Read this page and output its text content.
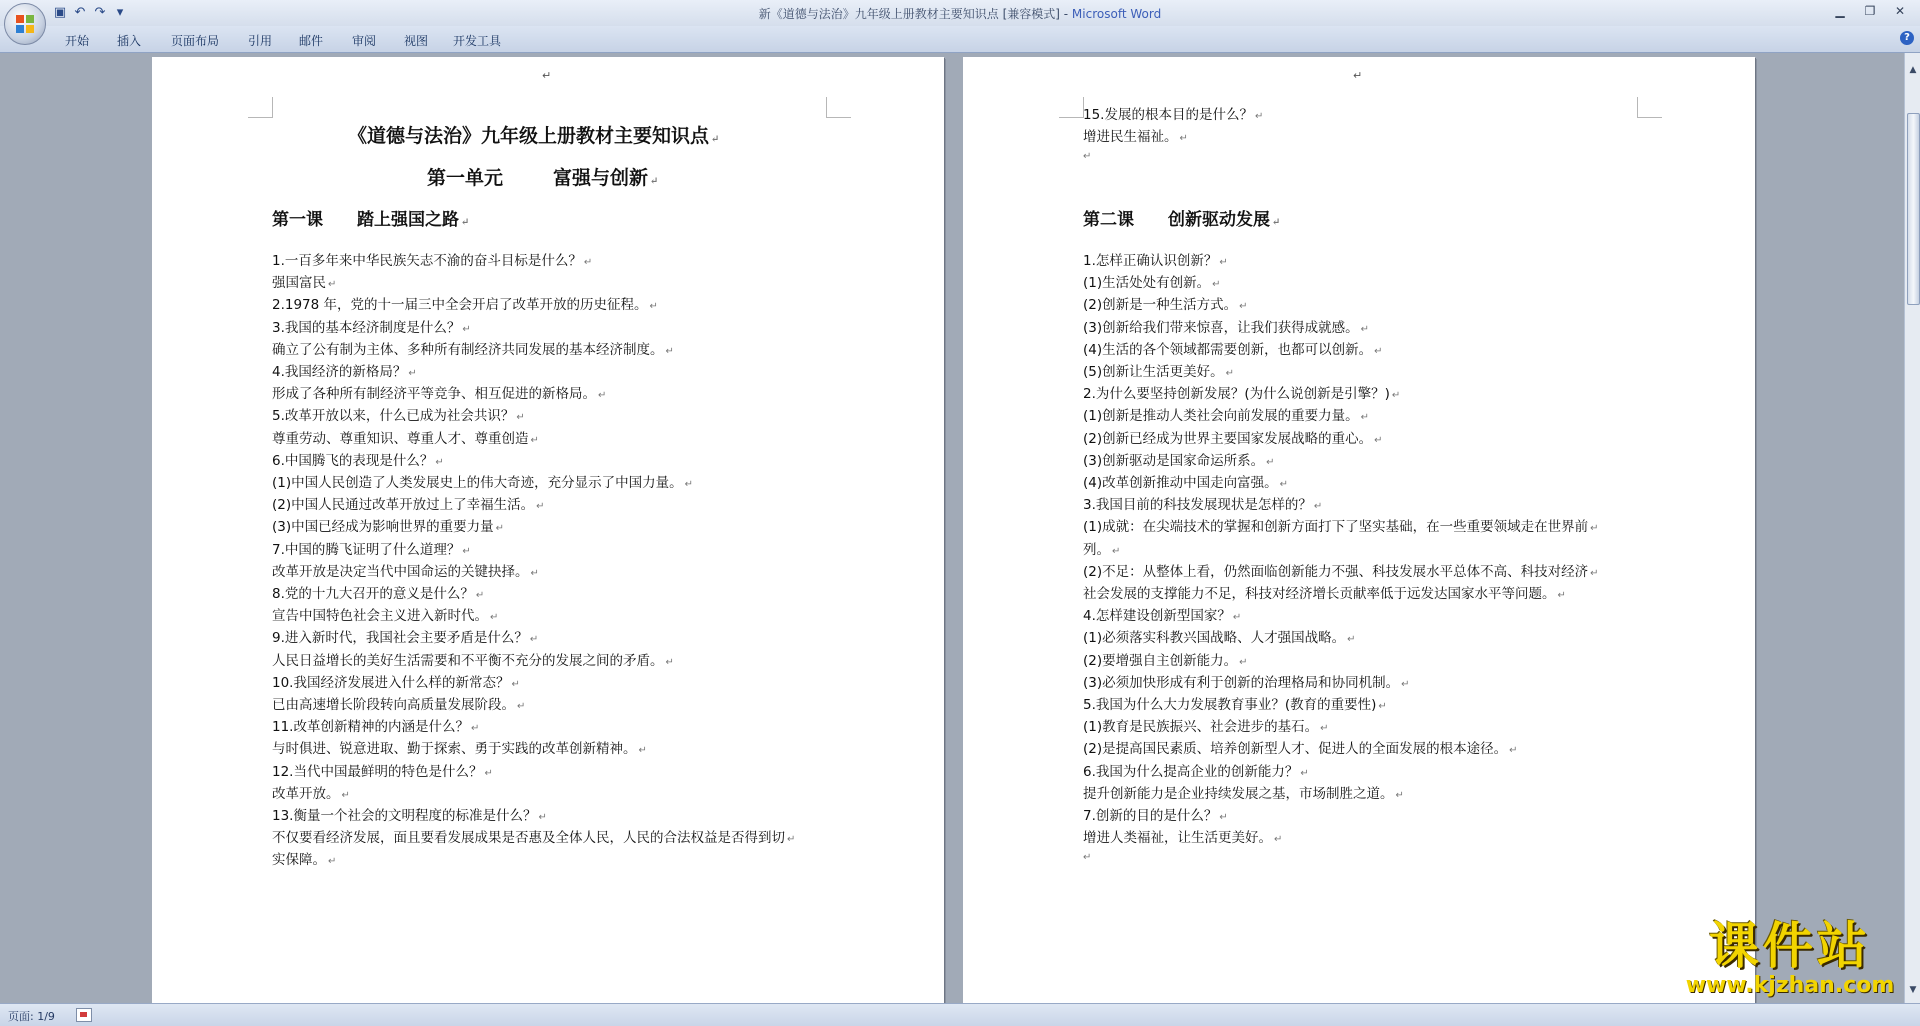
▣ ↶ ↷ ▾	新《道德与法治》九年级上册教材主要知识点 [兼容模式] - Microsoft Word	▁	❐	✕
开始	插入	页面布局	引用	邮件	审阅	视图	开发工具	?
↵
《道德与法治》九年级上册教材主要知识点 ↵
第一单元	富强与创新 ↵
第一课 踏上强国之路 ↵
1.一百多年来中华民族矢志不渝的奋斗目标是什么？ ↵
强国富民 ↵
2.1978 年，党的十一届三中全会开启了改革开放的历史征程。 ↵
3.我国的基本经济制度是什么？ ↵
确立了公有制为主体、多种所有制经济共同发展的基本经济制度。 ↵
4.我国经济的新格局？ ↵
形成了各种所有制经济平等竞争、相互促进的新格局。 ↵
5.改革开放以来，什么已成为社会共识？ ↵
尊重劳动、尊重知识、尊重人才、尊重创造 ↵
6.中国腾飞的表现是什么？ ↵
(1)中国人民创造了人类发展史上的伟大奇迹，充分显示了中国力量。 ↵
(2)中国人民通过改革开放过上了幸福生活。 ↵
(3)中国已经成为影响世界的重要力量 ↵
7.中国的腾飞证明了什么道理？ ↵
改革开放是决定当代中国命运的关键抉择。 ↵
8.党的十九大召开的意义是什么？ ↵
宣告中国特色社会主义进入新时代。 ↵
9.进入新时代，我国社会主要矛盾是什么？ ↵
人民日益增长的美好生活需要和不平衡不充分的发展之间的矛盾。 ↵
10.我国经济发展进入什么样的新常态？ ↵
已由高速增长阶段转向高质量发展阶段。 ↵
11.改革创新精神的内涵是什么？ ↵
与时俱进、锐意进取、勤于探索、勇于实践的改革创新精神。 ↵
12.当代中国最鲜明的特色是什么？ ↵
改革开放。 ↵
13.衡量一个社会的文明程度的标准是什么？ ↵
不仅要看经济发展，面且要看发展成果是否惠及全体人民，人民的合法权益是否得到切 ↵
实保障。 ↵
↵
第二课 创新驱动发展 ↵
15.发展的根本目的是什么？ ↵
增进民生福祉。 ↵
↵
1.怎样正确认识创新？ ↵
(1)生活处处有创新。 ↵
(2)创新是一种生活方式。 ↵
(3)创新给我们带来惊喜，让我们获得成就感。 ↵
(4)生活的各个领域都需要创新，也都可以创新。 ↵
(5)创新让生活更美好。 ↵
2.为什么要坚持创新发展？(为什么说创新是引擎？) ↵
(1)创新是推动人类社会向前发展的重要力量。 ↵
(2)创新已经成为世界主要国家发展战略的重心。 ↵
(3)创新驱动是国家命运所系。 ↵
(4)改革创新推动中国走向富强。 ↵
3.我国目前的科技发展现状是怎样的？ ↵
(1)成就：在尖端技术的掌握和创新方面打下了坚实基础，在一些重要领域走在世界前 ↵
列。 ↵
(2)不足：从整体上看，仍然面临创新能力不强、科技发展水平总体不高、科技对经济 ↵
社会发展的支撑能力不足，科技对经济增长贡献率低于远发达国家水平等问题。 ↵
4.怎样建设创新型国家？ ↵
(1)必须落实科教兴国战略、人才强国战略。 ↵
(2)要增强自主创新能力。 ↵
(3)必须加快形成有利于创新的治理格局和协同机制。 ↵
5.我国为什么大力发展教育事业？(教育的重要性) ↵
(1)教育是民族振兴、社会进步的基石。 ↵
(2)是提高国民素质、培养创新型人才、促进人的全面发展的根本途径。 ↵
6.我国为什么提高企业的创新能力？ ↵
提升创新能力是企业持续发展之基，市场制胜之道。 ↵
7.创新的目的是什么？ ↵
增进人类福祉，让生活更美好。 ↵
↵
▲
▼
页面: 1/9
课件站
www.kjzhan.com
